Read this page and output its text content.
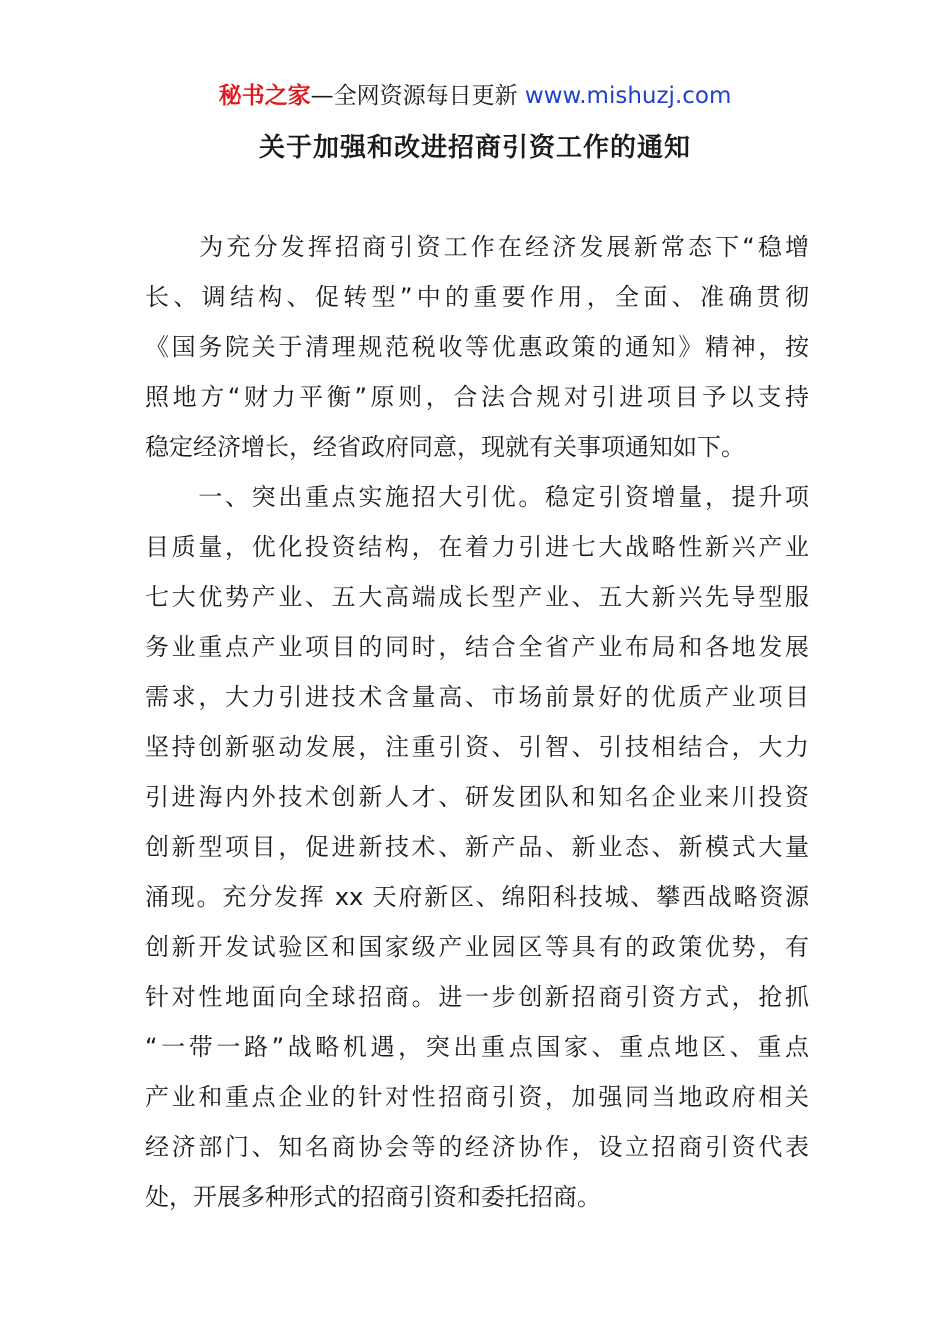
秘书之家—全网资源每日更新 www.mishuzj.com
关于加强和改进招商引资工作的通知
　　为充分发挥招商引资工作在经济发展新常态下“稳增
长、调结构、促转型”中的重要作用，全面、准确贯彻
《国务院关于清理规范税收等优惠政策的通知》精神，按
照地方“财力平衡”原则，合法合规对引进项目予以支持
稳定经济增长，经省政府同意，现就有关事项通知如下。
　　一、突出重点实施招大引优。稳定引资增量，提升项
目质量，优化投资结构，在着力引进七大战略性新兴产业
七大优势产业、五大高端成长型产业、五大新兴先导型服
务业重点产业项目的同时，结合全省产业布局和各地发展
需求，大力引进技术含量高、市场前景好的优质产业项目
坚持创新驱动发展，注重引资、引智、引技相结合，大力
引进海内外技术创新人才、研发团队和知名企业来川投资
创新型项目，促进新技术、新产品、新业态、新模式大量
涌现。充分发挥 xx 天府新区、绵阳科技城、攀西战略资源
创新开发试验区和国家级产业园区等具有的政策优势，有
针对性地面向全球招商。进一步创新招商引资方式，抢抓
“一带一路”战略机遇，突出重点国家、重点地区、重点
产业和重点企业的针对性招商引资，加强同当地政府相关
经济部门、知名商协会等的经济协作，设立招商引资代表
处，开展多种形式的招商引资和委托招商。
